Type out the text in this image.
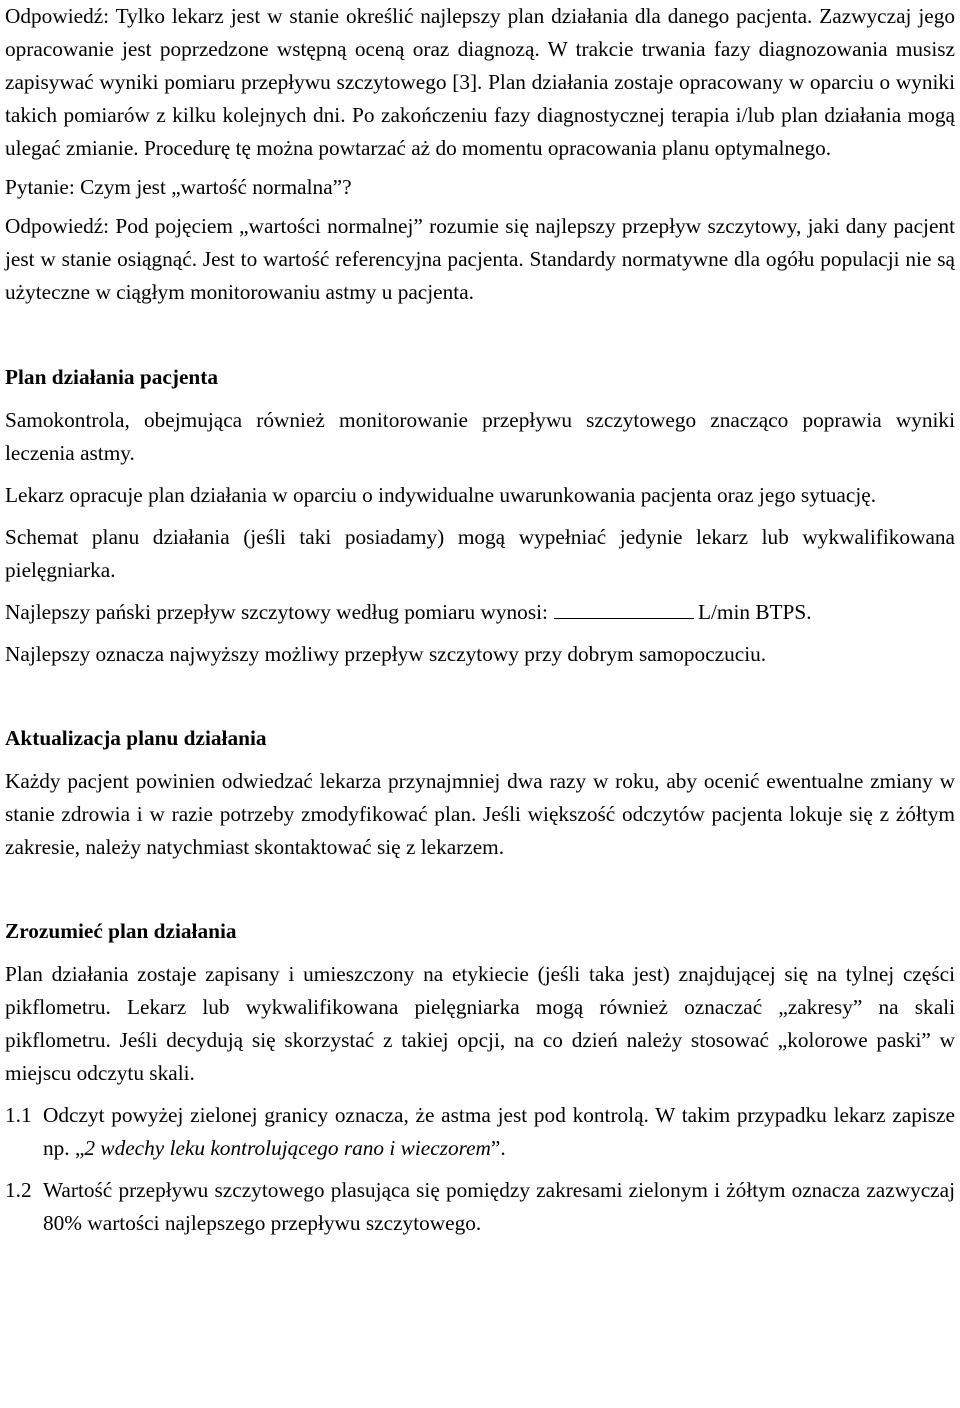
Odpowiedź: Tylko lekarz jest w stanie określić najlepszy plan działania dla danego pacjenta. Zazwyczaj jego opracowanie jest poprzedzone wstępną oceną oraz diagnozą. W trakcie trwania fazy diagnozowania musisz zapisywać wyniki pomiaru przepływu szczytowego [3]. Plan działania zostaje opracowany w oparciu o wyniki takich pomiarów z kilku kolejnych dni. Po zakończeniu fazy diagnostycznej terapia i/lub plan działania mogą ulegać zmianie. Procedurę tę można powtarzać aż do momentu opracowania planu optymalnego.

Pytanie: Czym jest „wartość normalna”?

Odpowiedź: Pod pojęciem „wartości normalnej” rozumie się najlepszy przepływ szczytowy, jaki dany pacjent jest w stanie osiągnąć. Jest to wartość referencyjna pacjenta. Standardy normatywne dla ogółu populacji nie są użyteczne w ciągłym monitorowaniu astmy u pacjenta.

Plan działania pacjenta

Samokontrola, obejmująca również monitorowanie przepływu szczytowego znacząco poprawia wyniki leczenia astmy.

Lekarz opracuje plan działania w oparciu o indywidualne uwarunkowania pacjenta oraz jego sytuację.

Schemat planu działania (jeśli taki posiadamy) mogą wypełniać jedynie lekarz lub wykwalifikowana pielęgniarka.

Najlepszy pański przepływ szczytowy według pomiaru wynosi:	L/min BTPS.

Najlepszy oznacza najwyższy możliwy przepływ szczytowy przy dobrym samopoczuciu.

Aktualizacja planu działania

Każdy pacjent powinien odwiedzać lekarza przynajmniej dwa razy w roku, aby ocenić ewentualne zmiany w stanie zdrowia i w razie potrzeby zmodyfikować plan. Jeśli większość odczytów pacjenta lokuje się z żółtym zakresie, należy natychmiast skontaktować się z lekarzem.

Zrozumieć plan działania

Plan działania zostaje zapisany i umieszczony na etykiecie (jeśli taka jest) znajdującej się na tylnej części pikflometru. Lekarz lub wykwalifikowana pielęgniarka mogą również oznaczać „zakresy” na skali pikflometru. Jeśli decydują się skorzystać z takiej opcji, na co dzień należy stosować „kolorowe paski” w miejscu odczytu skali.

1.1 Odczyt powyżej zielonej granicy oznacza, że astma jest pod kontrolą. W takim przypadku lekarz zapisze np. „2 wdechy leku kontrolującego rano i wieczorem”.
1.2 Wartość przepływu szczytowego plasująca się pomiędzy zakresami zielonym i żółtym oznacza zazwyczaj 80% wartości najlepszego przepływu szczytowego.
